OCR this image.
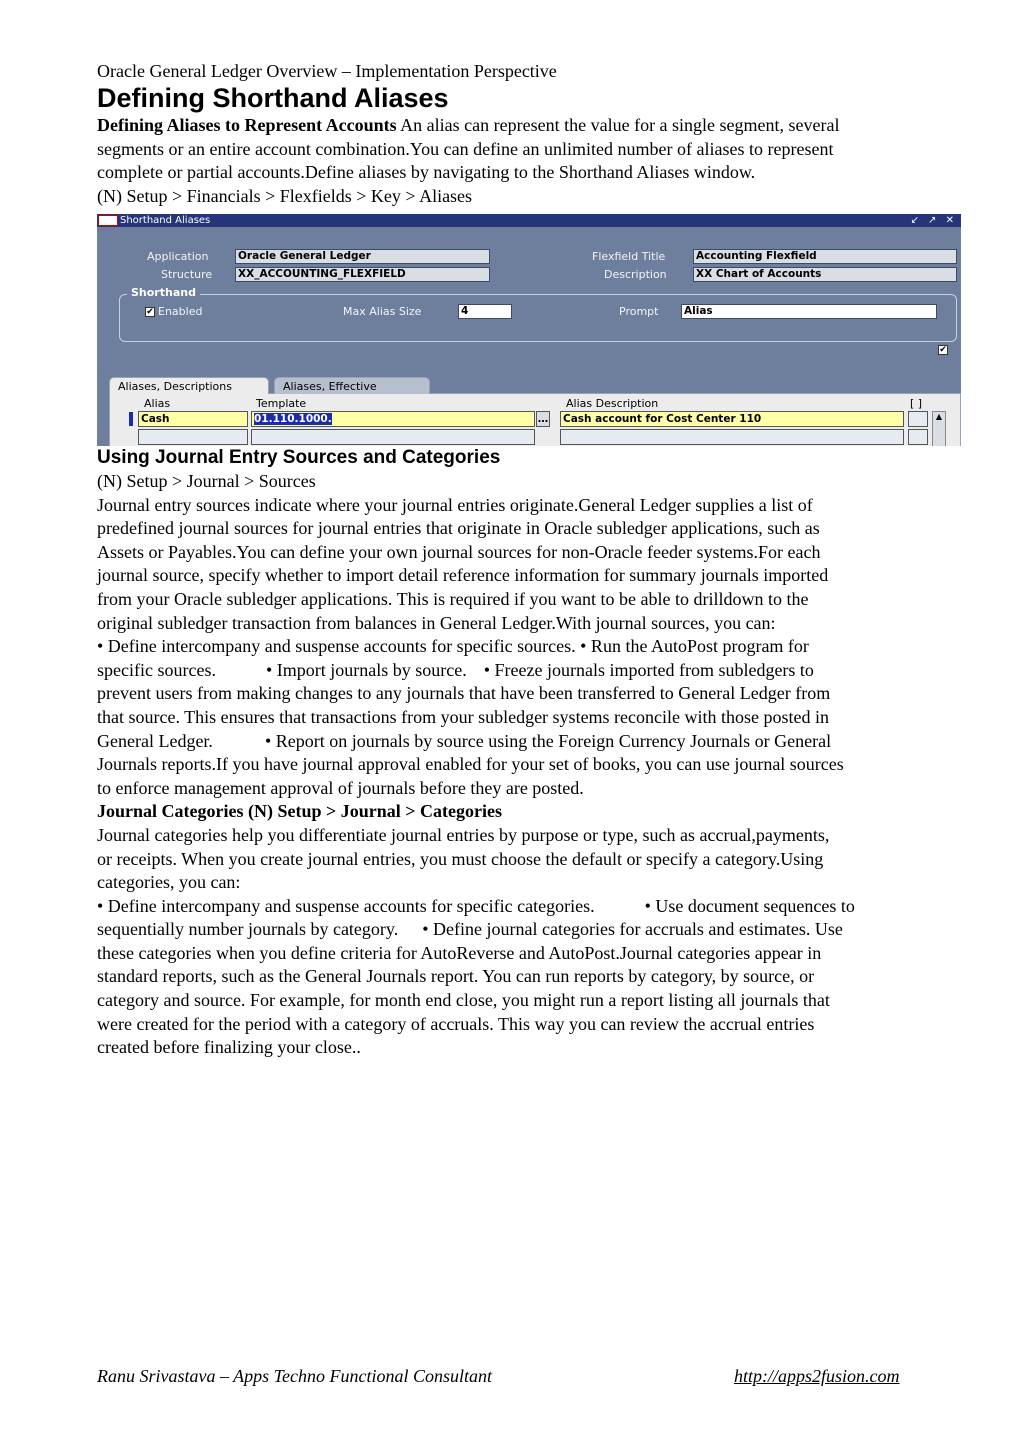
Oracle General Ledger Overview – Implementation Perspective
Defining Shorthand Aliases
Defining Aliases to Represent Accounts An alias can represent the value for a single segment, several
segments or an entire account combination.You can define an unlimited number of aliases to represent
complete or partial accounts.Define aliases by navigating to the Shorthand Aliases window.
(N) Setup > Financials > Flexfields > Key > Aliases
Shorthand Aliases	↙ ↗ ✕
Application	Oracle General Ledger
Structure XX_ACCOUNTING_FLEXFIELD
Flexfield Title	Accounting Flexfield
Description	XX Chart of Accounts
Shorthand
✔ Enabled	Max Alias Size	4	Prompt Alias
✔
Alias	Template	Alias Description	[ ]
Cash	01.110.1000.	… Cash account for Cost Center 110	▲
Aliases, Descriptions	Aliases, Effective
Using Journal Entry Sources and Categories
(N) Setup > Journal > Sources
Journal entry sources indicate where your journal entries originate.General Ledger supplies a list of
predefined journal sources for journal entries that originate in Oracle subledger applications, such as
Assets or Payables.You can define your own journal sources for non-Oracle feeder systems.For each
journal source, specify whether to import detail reference information for summary journals imported
from your Oracle subledger applications. This is required if you want to be able to drilldown to the
original subledger transaction from balances in General Ledger.With journal sources, you can:
• Define intercompany and suspense accounts for specific sources. • Run the AutoPost program for
specific sources.	• Import journals by source. • Freeze journals imported from subledgers to
prevent users from making changes to any journals that have been transferred to General Ledger from
that source. This ensures that transactions from your subledger systems reconcile with those posted in
General Ledger.	• Report on journals by source using the Foreign Currency Journals or General
Journals reports.If you have journal approval enabled for your set of books, you can use journal sources
to enforce management approval of journals before they are posted.
Journal Categories (N) Setup > Journal > Categories
Journal categories help you differentiate journal entries by purpose or type, such as accrual,payments,
or receipts. When you create journal entries, you must choose the default or specify a category.Using
categories, you can:
• Define intercompany and suspense accounts for specific categories.	• Use document sequences to
sequentially number journals by category. • Define journal categories for accruals and estimates. Use
these categories when you define criteria for AutoReverse and AutoPost.Journal categories appear in
standard reports, such as the General Journals report. You can run reports by category, by source, or
category and source. For example, for month end close, you might run a report listing all journals that
were created for the period with a category of accruals. This way you can review the accrual entries
created before finalizing your close..
Ranu Srivastava – Apps Techno Functional Consultant	http://apps2fusion.com
